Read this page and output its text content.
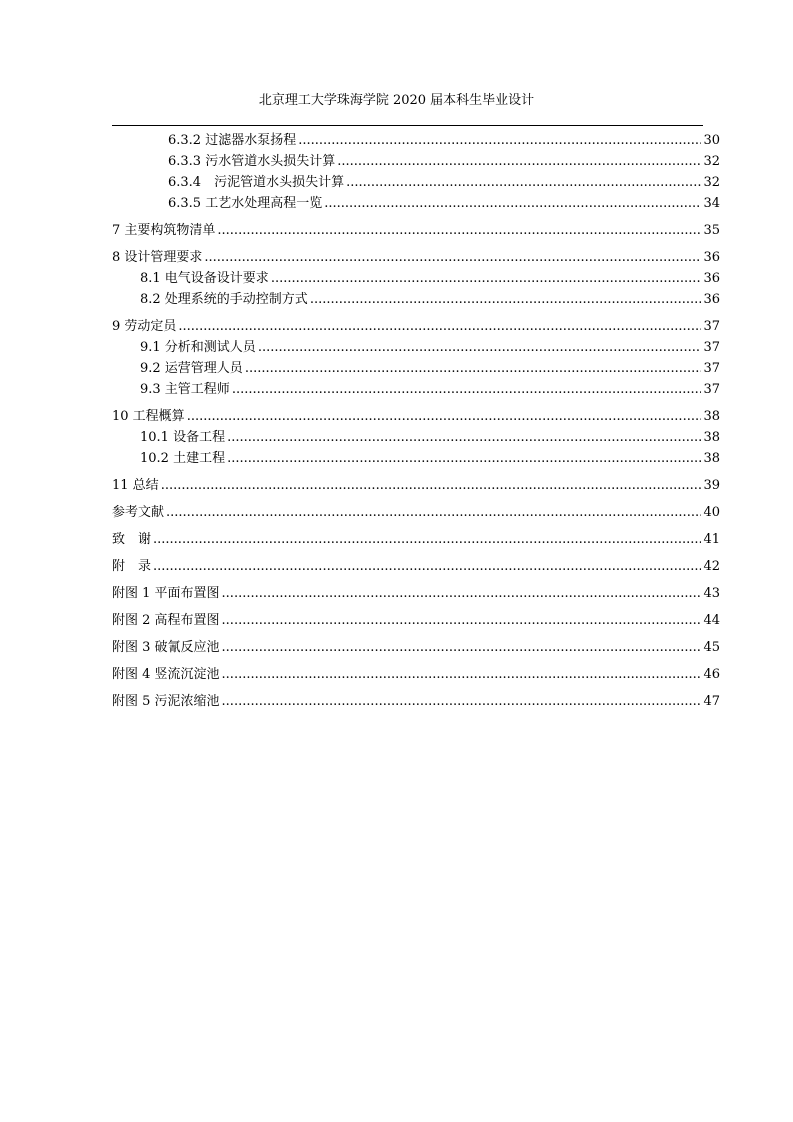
北京理工大学珠海学院 2020 届本科生毕业设计
6.3.2 过滤器水泵扬程 .....	30
6.3.3 污水管道水头损失计算 .....	32
6.3.4　污泥管道水头损失计算 .....	32
6.3.5 工艺水处理高程一览 .....	34
7 主要构筑物清单 .....	35
8 设计管理要求 .....	36
8.1 电气设备设计要求 .....	36
8.2 处理系统的手动控制方式 .....	36
9 劳动定员 .....	37
9.1 分析和测试人员 .....	37
9.2 运营管理人员 .....	37
9.3 主管工程师 .....	37
10 工程概算 .....	38
10.1 设备工程 .....	38
10.2 土建工程 .....	38
11 总结 .....	39
参考文献 .....	40
致　谢 .....	41
附　录 .....	42
附图 1 平面布置图 .....	43
附图 2 高程布置图 .....	44
附图 3 破氰反应池 .....	45
附图 4 竖流沉淀池 .....	46
附图 5 污泥浓缩池 .....	47
